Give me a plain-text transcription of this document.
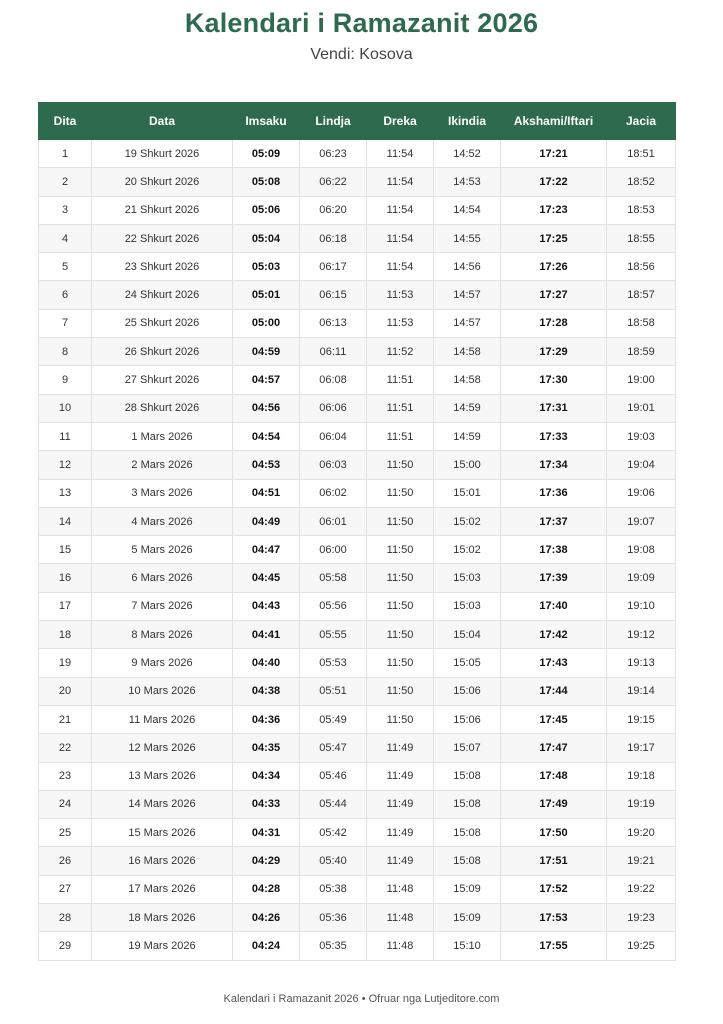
Kalendari i Ramazanit 2026
Vendi: Kosova
Dita	Data	Imsaku	Lindja	Dreka	Ikindia	Akshami/Iftari	Jacia
1	19 Shkurt 2026	05:09	06:23	11:54	14:52	17:21	18:51
2	20 Shkurt 2026	05:08	06:22	11:54	14:53	17:22	18:52
3	21 Shkurt 2026	05:06	06:20	11:54	14:54	17:23	18:53
4	22 Shkurt 2026	05:04	06:18	11:54	14:55	17:25	18:55
5	23 Shkurt 2026	05:03	06:17	11:54	14:56	17:26	18:56
6	24 Shkurt 2026	05:01	06:15	11:53	14:57	17:27	18:57
7	25 Shkurt 2026	05:00	06:13	11:53	14:57	17:28	18:58
8	26 Shkurt 2026	04:59	06:11	11:52	14:58	17:29	18:59
9	27 Shkurt 2026	04:57	06:08	11:51	14:58	17:30	19:00
10	28 Shkurt 2026	04:56	06:06	11:51	14:59	17:31	19:01
11	1 Mars 2026	04:54	06:04	11:51	14:59	17:33	19:03
12	2 Mars 2026	04:53	06:03	11:50	15:00	17:34	19:04
13	3 Mars 2026	04:51	06:02	11:50	15:01	17:36	19:06
14	4 Mars 2026	04:49	06:01	11:50	15:02	17:37	19:07
15	5 Mars 2026	04:47	06:00	11:50	15:02	17:38	19:08
16	6 Mars 2026	04:45	05:58	11:50	15:03	17:39	19:09
17	7 Mars 2026	04:43	05:56	11:50	15:03	17:40	19:10
18	8 Mars 2026	04:41	05:55	11:50	15:04	17:42	19:12
19	9 Mars 2026	04:40	05:53	11:50	15:05	17:43	19:13
20	10 Mars 2026	04:38	05:51	11:50	15:06	17:44	19:14
21	11 Mars 2026	04:36	05:49	11:50	15:06	17:45	19:15
22	12 Mars 2026	04:35	05:47	11:49	15:07	17:47	19:17
23	13 Mars 2026	04:34	05:46	11:49	15:08	17:48	19:18
24	14 Mars 2026	04:33	05:44	11:49	15:08	17:49	19:19
25	15 Mars 2026	04:31	05:42	11:49	15:08	17:50	19:20
26	16 Mars 2026	04:29	05:40	11:49	15:08	17:51	19:21
27	17 Mars 2026	04:28	05:38	11:48	15:09	17:52	19:22
28	18 Mars 2026	04:26	05:36	11:48	15:09	17:53	19:23
29	19 Mars 2026	04:24	05:35	11:48	15:10	17:55	19:25
Kalendari i Ramazanit 2026 • Ofruar nga Lutjeditore.com
